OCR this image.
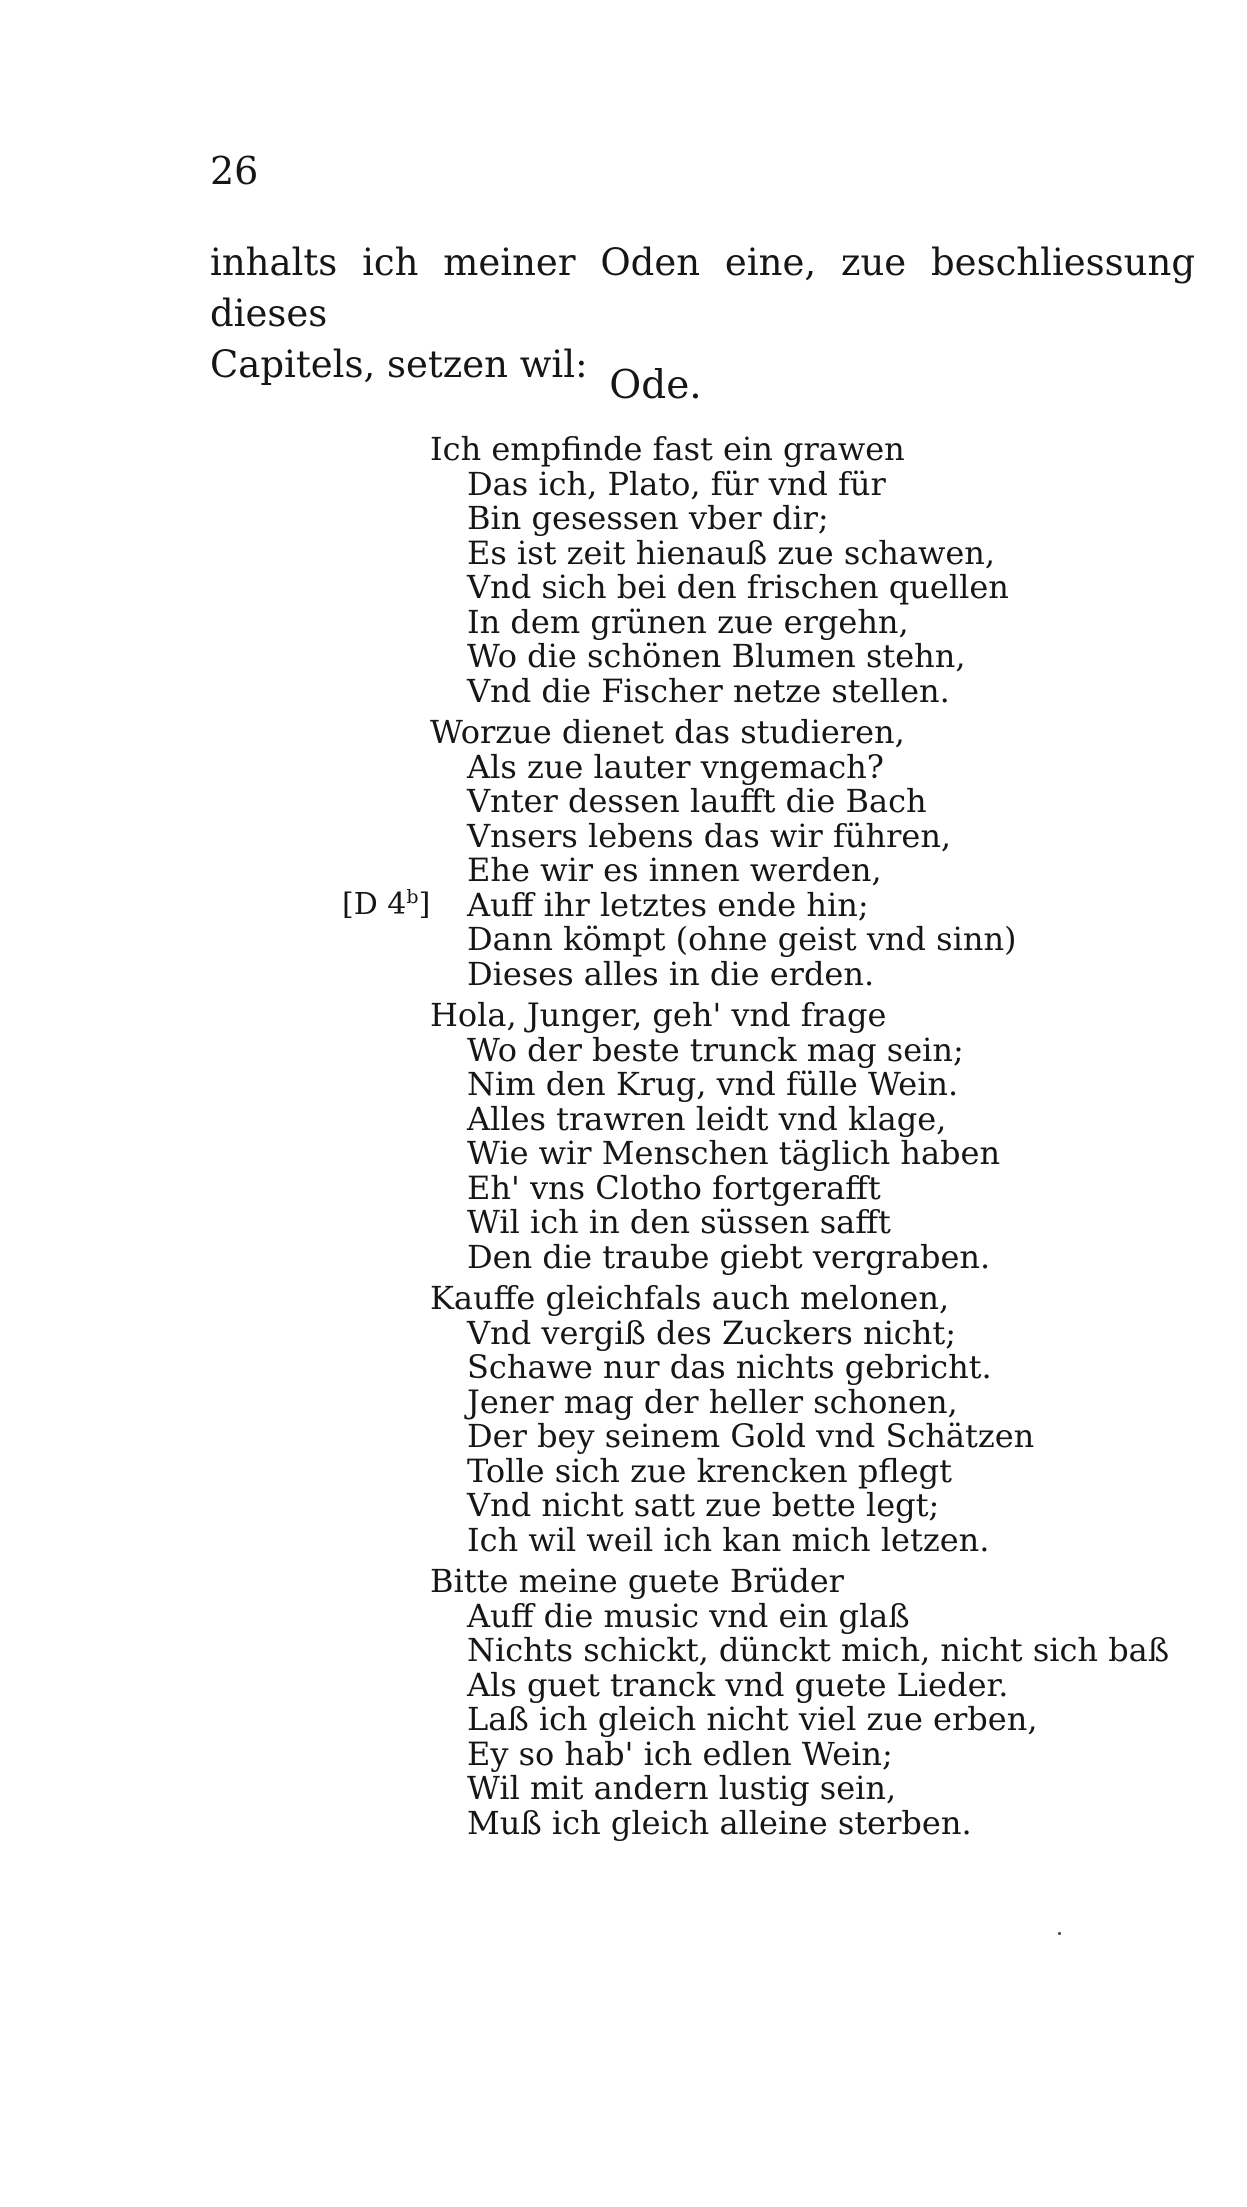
26
inhalts ich meiner Oden eine, zue beschliessung dieses
Capitels, setzen wil: Ode.
Ich empfinde fast ein grawen
Das ich, Plato, für vnd für
Bin gesessen vber dir;
Es ist zeit hienauß zue schawen,
Vnd sich bei den frischen quellen
In dem grünen zue ergehn,
Wo die schönen Blumen stehn,
Vnd die Fischer netze stellen.
Worzue dienet das studieren,
Als zue lauter vngemach?
Vnter dessen laufft die Bach
Vnsers lebens das wir führen,
Ehe wir es innen werden,
[D 4$^b$] Auff ihr letztes ende hin;
Dann kömpt (ohne geist vnd sinn)
Dieses alles in die erden.
Hola, Junger, geh' vnd frage
Wo der beste trunck mag sein;
Nim den Krug, vnd fülle Wein.
Alles trawren leidt vnd klage,
Wie wir Menschen täglich haben
Eh' vns Clotho fortgerafft
Wil ich in den süssen safft
Den die traube giebt vergraben.
Kauffe gleichfals auch melonen,
Vnd vergiß des Zuckers nicht;
Schawe nur das nichts gebricht.
Jener mag der heller schonen,
Der bey seinem Gold vnd Schätzen
Tolle sich zue krencken pflegt
Vnd nicht satt zue bette legt;
Ich wil weil ich kan mich letzen.
Bitte meine guete Brüder
Auff die music vnd ein glaß
Nichts schickt, dünckt mich, nicht sich baß
Als guet tranck vnd guete Lieder.
Laß ich gleich nicht viel zue erben,
Ey so hab' ich edlen Wein;
Wil mit andern lustig sein,
Muß ich gleich alleine sterben.
